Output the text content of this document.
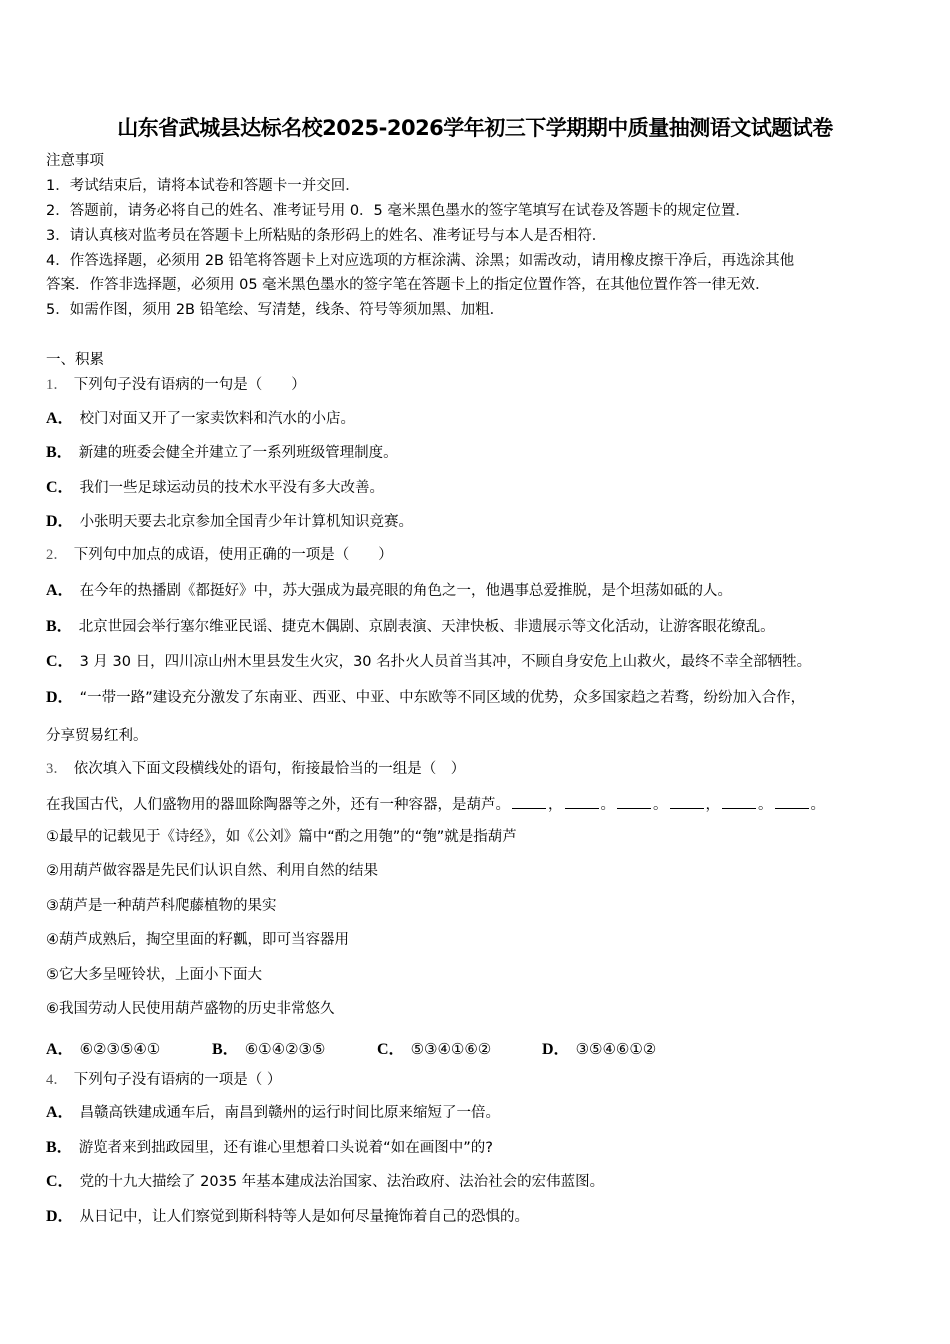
山东省武城县达标名校2025-2026学年初三下学期期中质量抽测语文试题试卷
注意事项
1．考试结束后，请将本试卷和答题卡一并交回．
2．答题前，请务必将自己的姓名、准考证号用 0．5 毫米黑色墨水的签字笔填写在试卷及答题卡的规定位置．
3．请认真核对监考员在答题卡上所粘贴的条形码上的姓名、准考证号与本人是否相符．
4．作答选择题，必须用 2B 铅笔将答题卡上对应选项的方框涂满、涂黑；如需改动，请用橡皮擦干净后，再选涂其他
答案．作答非选择题，必须用 05 毫米黑色墨水的签字笔在答题卡上的指定位置作答，在其他位置作答一律无效．
5．如需作图，须用 2B 铅笔绘、写清楚，线条、符号等须加黑、加粗．
一、积累
1． 下列句子没有语病的一句是（　　）
A． 校门对面又开了一家卖饮料和汽水的小店。
B． 新建的班委会健全并建立了一系列班级管理制度。
C． 我们一些足球运动员的技术水平没有多大改善。
D． 小张明天要去北京参加全国青少年计算机知识竞赛。
2． 下列句中加点的成语，使用正确的一项是（　　）
A． 在今年的热播剧《都挺好》中，苏大强成为最亮眼的角色之一，他遇事总爱推脱，是个坦荡如砥的人。
B． 北京世园会举行塞尔维亚民谣、捷克木偶剧、京剧表演、天津快板、非遗展示等文化活动，让游客眼花缭乱。
C． 3 月 30 日，四川凉山州木里县发生火灾，30 名扑火人员首当其冲，不顾自身安危上山救火，最终不幸全部牺牲。
D． “一带一路”建设充分激发了东南亚、西亚、中亚、中东欧等不同区域的优势，众多国家趋之若骛，纷纷加入合作，
分享贸易红利。
3． 依次填入下面文段横线处的语句，衔接最恰当的一组是（　）
在我国古代，人们盛物用的器皿除陶器等之外，还有一种容器，是葫芦。	，	。	。	，	。	。
①最早的记载见于《诗经》，如《公刘》篇中“酌之用匏”的“匏”就是指葫芦
②用葫芦做容器是先民们认识自然、利用自然的结果
③葫芦是一种葫芦科爬藤植物的果实
④葫芦成熟后，掏空里面的籽瓤，即可当容器用
⑤它大多呈哑铃状，上面小下面大
⑥我国劳动人民使用葫芦盛物的历史非常悠久
A． ⑥②③⑤④①	B． ⑥①④②③⑤	C． ⑤③④①⑥②	D． ③⑤④⑥①②
4． 下列句子没有语病的一项是（ ）
A． 昌赣高铁建成通车后，南昌到赣州的运行时间比原来缩短了一倍。
B． 游览者来到拙政园里，还有谁心里想着口头说着“如在画图中”的?
C． 党的十九大描绘了 2035 年基本建成法治国家、法治政府、法治社会的宏伟蓝图。
D． 从日记中，让人们察觉到斯科特等人是如何尽量掩饰着自己的恐惧的。
